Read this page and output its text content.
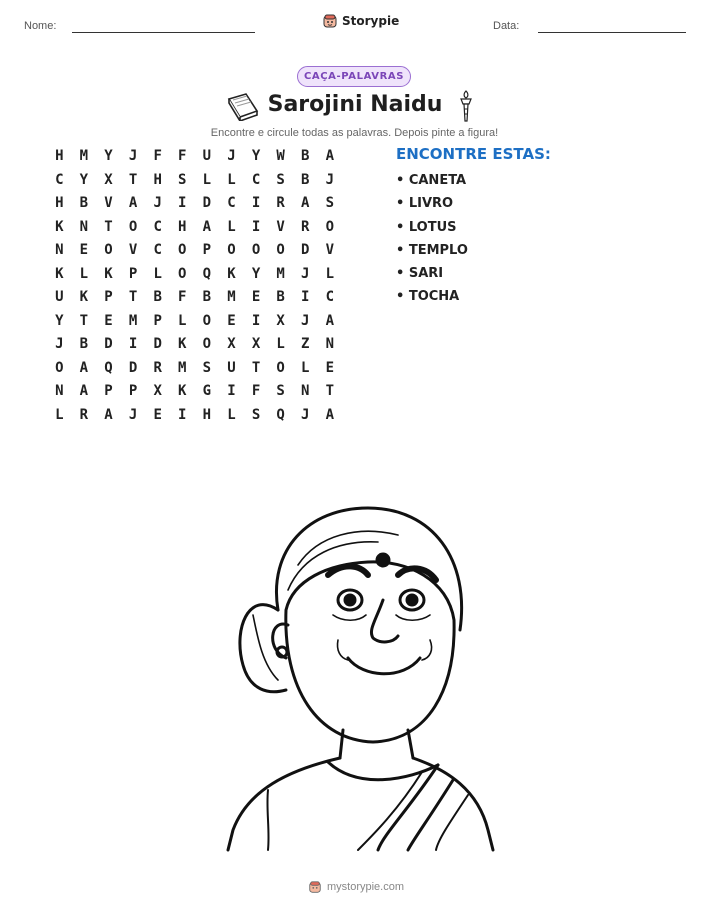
Nome:	Storypie	Data:
CAÇA-PALAVRAS
Sarojini Naidu
Encontre e circule todas as palavras. Depois pinte a figura!
H	M	Y	J	F	F	U	J	Y	W	B	A
C	Y	X	T	H	S	L	L	C	S	B	J
H	B	V	A	J	I	D	C	I	R	A	S
K	N	T	O	C	H	A	L	I	V	R	O
N	E	O	V	C	O	P	O	O	O	D	V
K	L	K	P	L	O	Q	K	Y	M	J	L
U	K	P	T	B	F	B	M	E	B	I	C
Y	T	E	M	P	L	O	E	I	X	J	A
J	B	D	I	D	K	O	X	X	L	Z	N
O	A	Q	D	R	M	S	U	T	O	L	E
N	A	P	P	X	K	G	I	F	S	N	T
L	R	A	J	E	I	H	L	S	Q	J	A
ENCONTRE ESTAS:
• CANETA
• LIVRO
• LOTUS
• TEMPLO
• SARI
• TOCHA
mystorypie.com
